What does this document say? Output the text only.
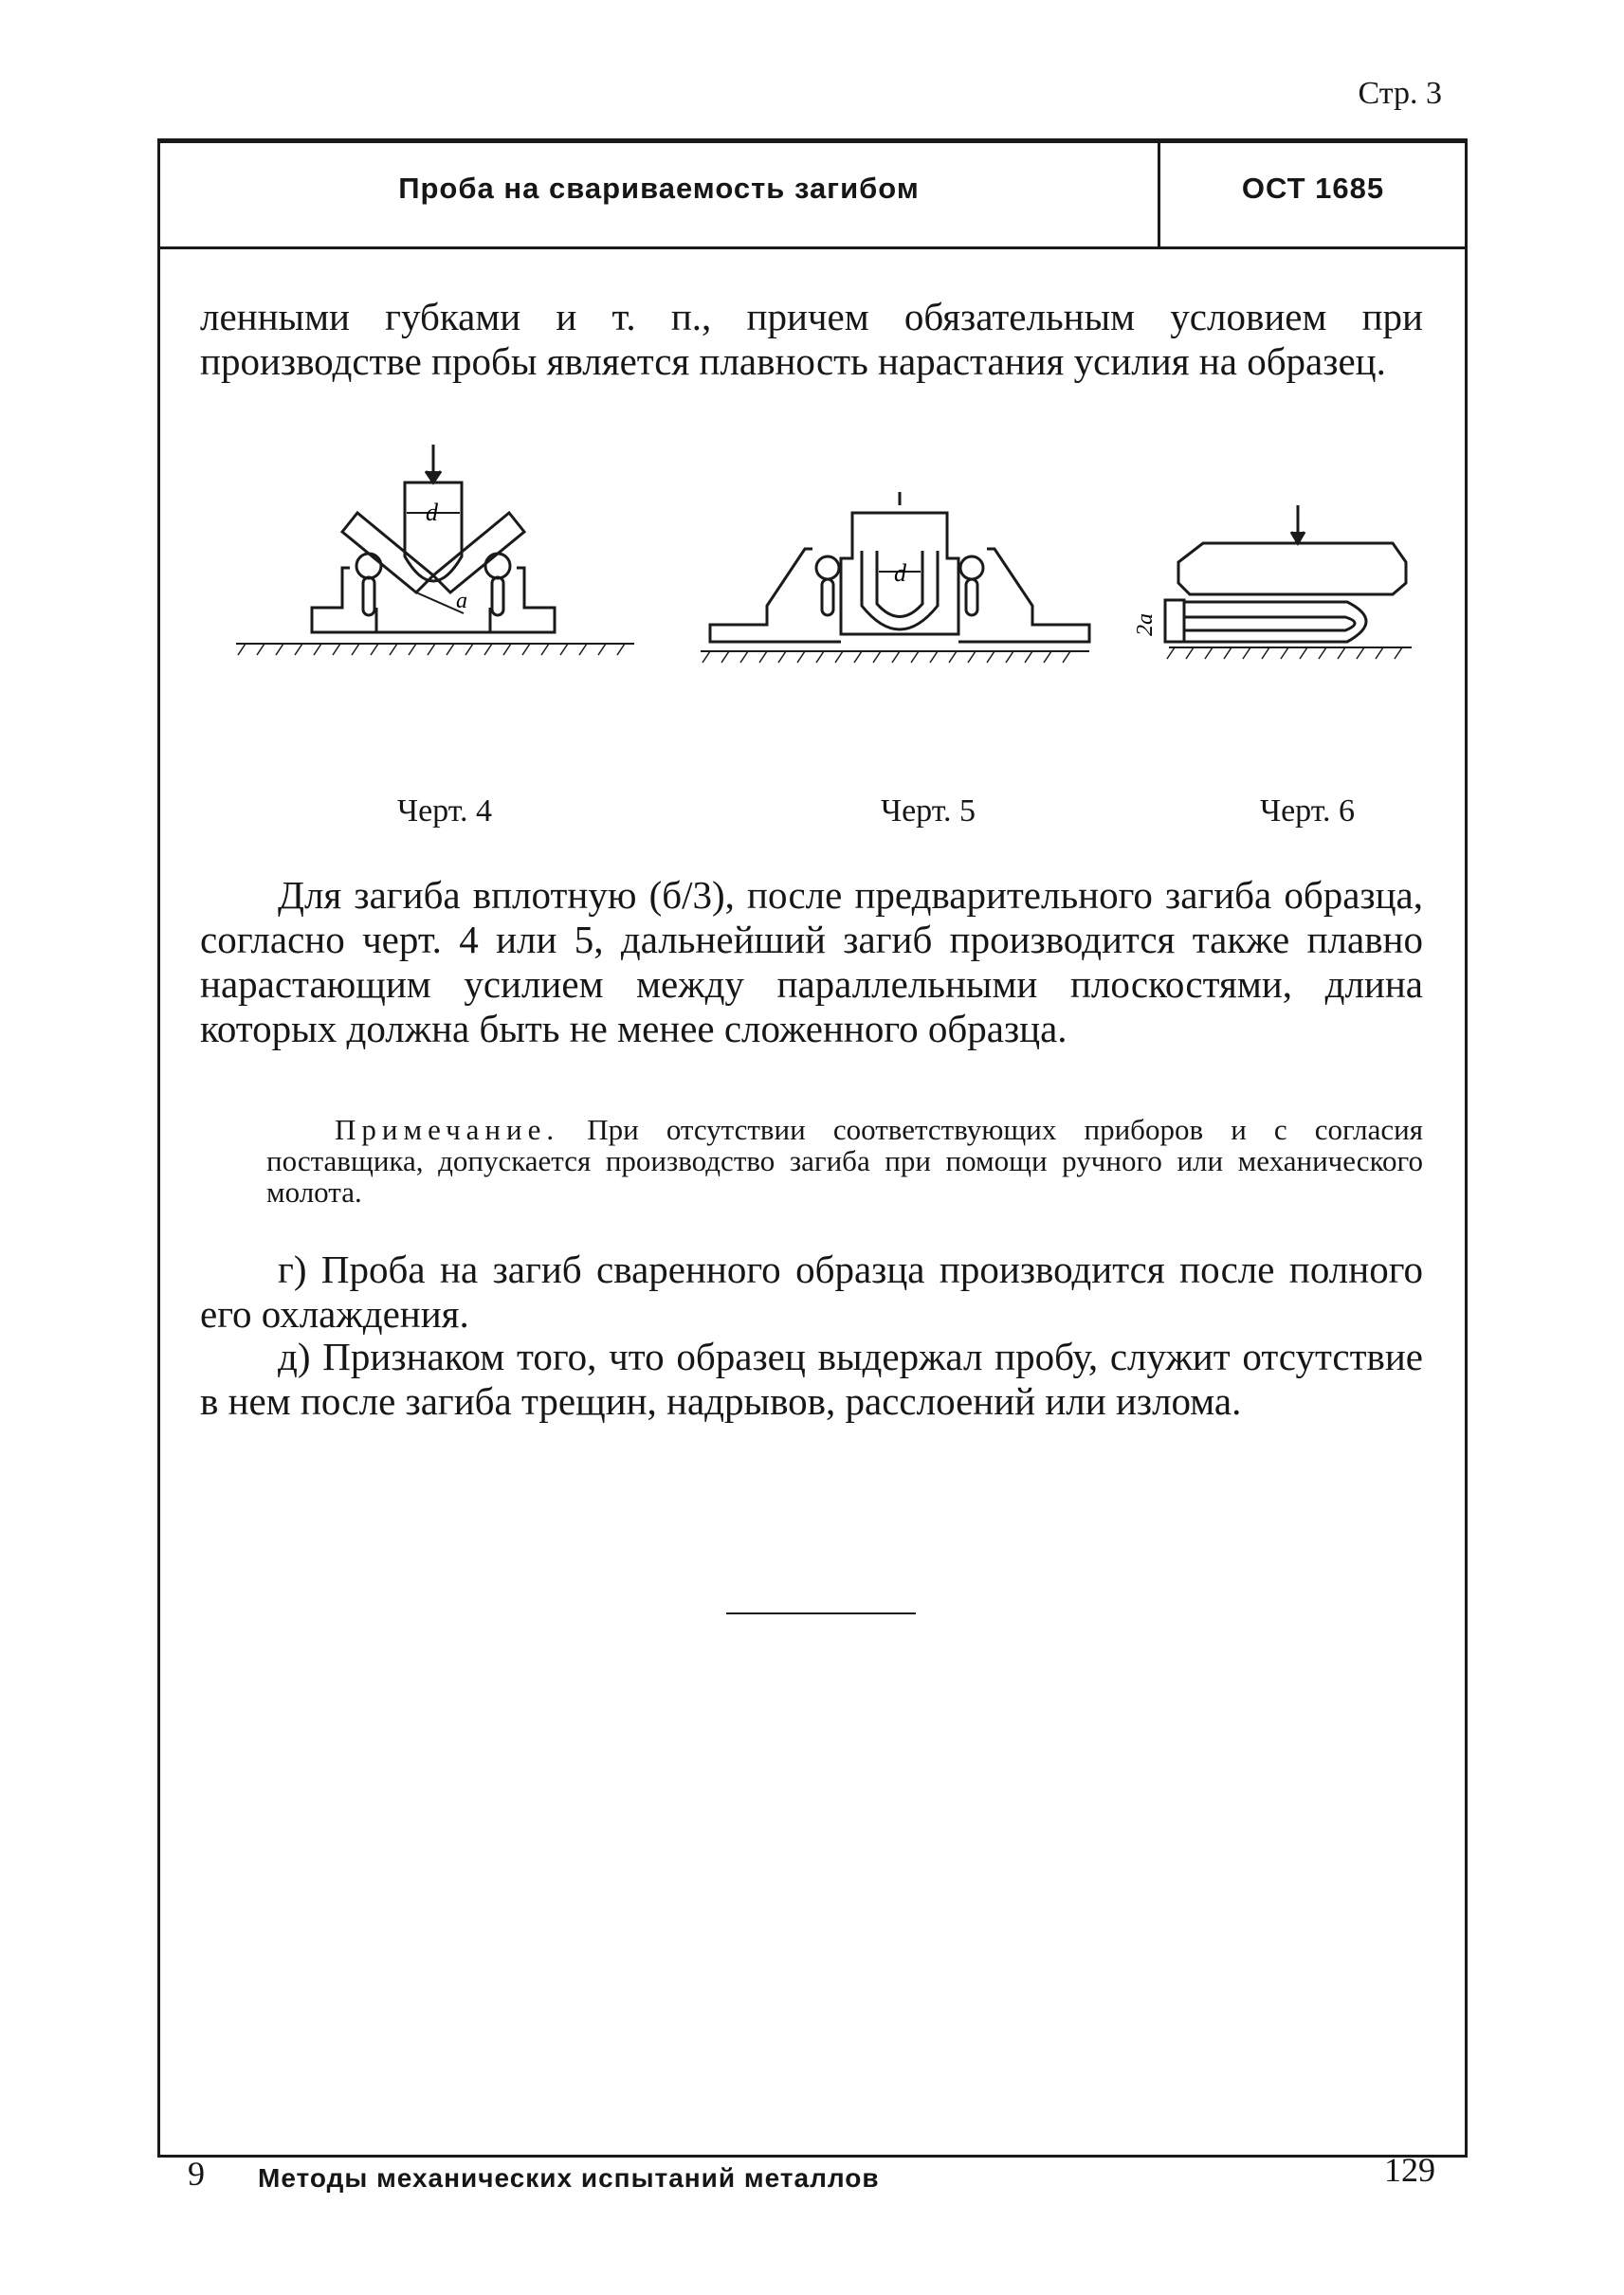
Стр. 3
Проба на свариваемость загибом	ОСТ 1685

ленными губками и т. п., причем обязательным условием при производстве пробы является плавность нарастания усилия на образец.

d
a
d
2a
Черт. 4	Черт. 5	Черт. 6

Для загиба вплотную (б/3), после предварительного загиба образца, согласно черт. 4 или 5, дальнейший загиб производится также плавно нарастающим усилием между параллельными плоскостями, длина которых должна быть не менее сложенного образца.

Примечание. При отсутствии соответствующих приборов и с согласия поставщика, допускается производство загиба при помощи ручного или механического молота.

г) Проба на загиб сваренного образца производится после полного его охлаждения.

д) Признаком того, что образец выдержал пробу, служит отсутствие в нем после загиба трещин, надрывов, расслоений или излома.

9 Методы механических испытаний металлов	129
